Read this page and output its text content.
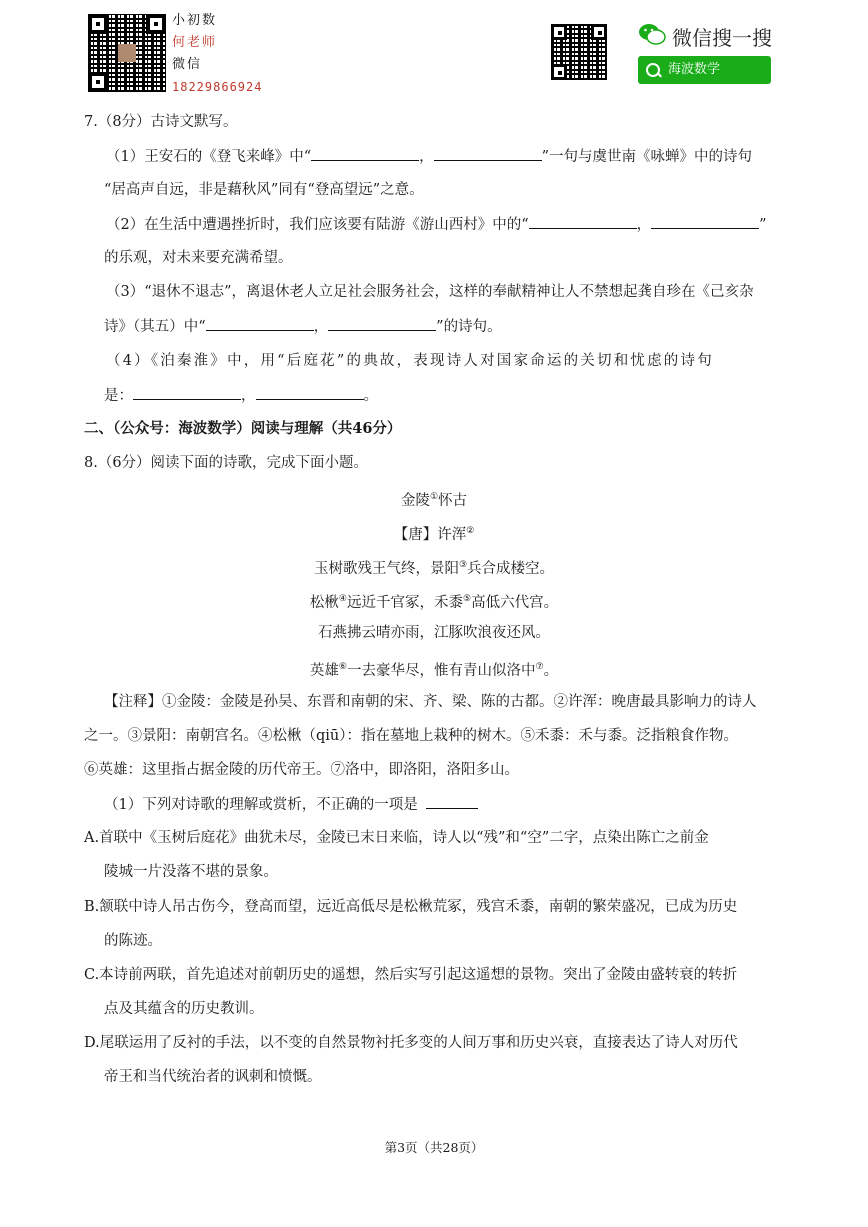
小初数
何老师
微信
18229866924
微信搜一搜
海波数学
7.（8分）古诗文默写。
（1）王安石的《登飞来峰》中“	，	”一句与虞世南《咏蝉》中的诗句
“居高声自远，非是藉秋风”同有“登高望远”之意。
（2）在生活中遭遇挫折时，我们应该要有陆游《游山西村》中的“	，	”
的乐观，对未来要充满希望。
（3）“退休不退志”，离退休老人立足社会服务社会，这样的奉献精神让人不禁想起龚自珍在《己亥杂
诗》（其五）中“	，	”的诗句。
（4）《泊秦淮》中，用“后庭花”的典故，表现诗人对国家命运的关切和忧虑的诗句
是：	，	。
二、（公众号：海波数学）阅读与理解（共46分）
8.（6分）阅读下面的诗歌，完成下面小题。
金陵①怀古
【唐】许浑②
玉树歌残王气终，景阳③兵合成楼空。
松楸④远近千官冢，禾黍⑤高低六代宫。
石燕拂云晴亦雨，江豚吹浪夜还风。
英雄⑥一去豪华尽，惟有青山似洛中⑦。
【注释】①金陵：金陵是孙吴、东晋和南朝的宋、齐、梁、陈的古都。②许浑：晚唐最具影响力的诗人
之一。③景阳：南朝宫名。④松楸（qiū）：指在墓地上栽种的树木。⑤禾黍：禾与黍。泛指粮食作物。
⑥英雄：这里指占据金陵的历代帝王。⑦洛中，即洛阳，洛阳多山。
（1）下列对诗歌的理解或赏析，不正确的一项是
A.首联中《玉树后庭花》曲犹未尽，金陵已末日来临，诗人以“残”和“空”二字，点染出陈亡之前金
陵城一片没落不堪的景象。
B.颔联中诗人吊古伤今，登高而望，远近高低尽是松楸荒冢，残宫禾黍，南朝的繁荣盛况，已成为历史
的陈迹。
C.本诗前两联，首先追述对前朝历史的遥想，然后实写引起这遥想的景物。突出了金陵由盛转衰的转折
点及其蕴含的历史教训。
D.尾联运用了反衬的手法，以不变的自然景物衬托多变的人间万事和历史兴衰，直接表达了诗人对历代
帝王和当代统治者的讽刺和愤慨。
第3页（共28页）
